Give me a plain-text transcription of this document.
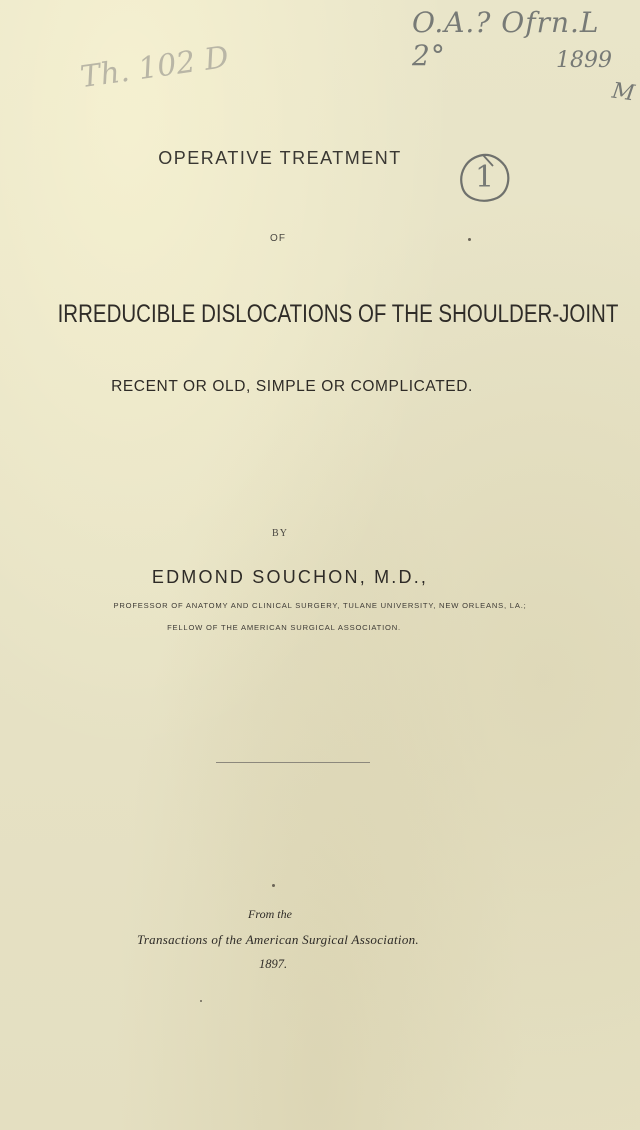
Th. 102 D
O.A.? Ofrn.L 2°	1899
M
1
OPERATIVE TREATMENT
OF
IRREDUCIBLE DISLOCATIONS OF THE SHOULDER-JOINT
RECENT OR OLD, SIMPLE OR COMPLICATED.
BY
EDMOND SOUCHON, M.D.,
PROFESSOR OF ANATOMY AND CLINICAL SURGERY, TULANE UNIVERSITY, NEW ORLEANS, LA.;
FELLOW OF THE AMERICAN SURGICAL ASSOCIATION.
From the
Transactions of the American Surgical Association.
1897.
